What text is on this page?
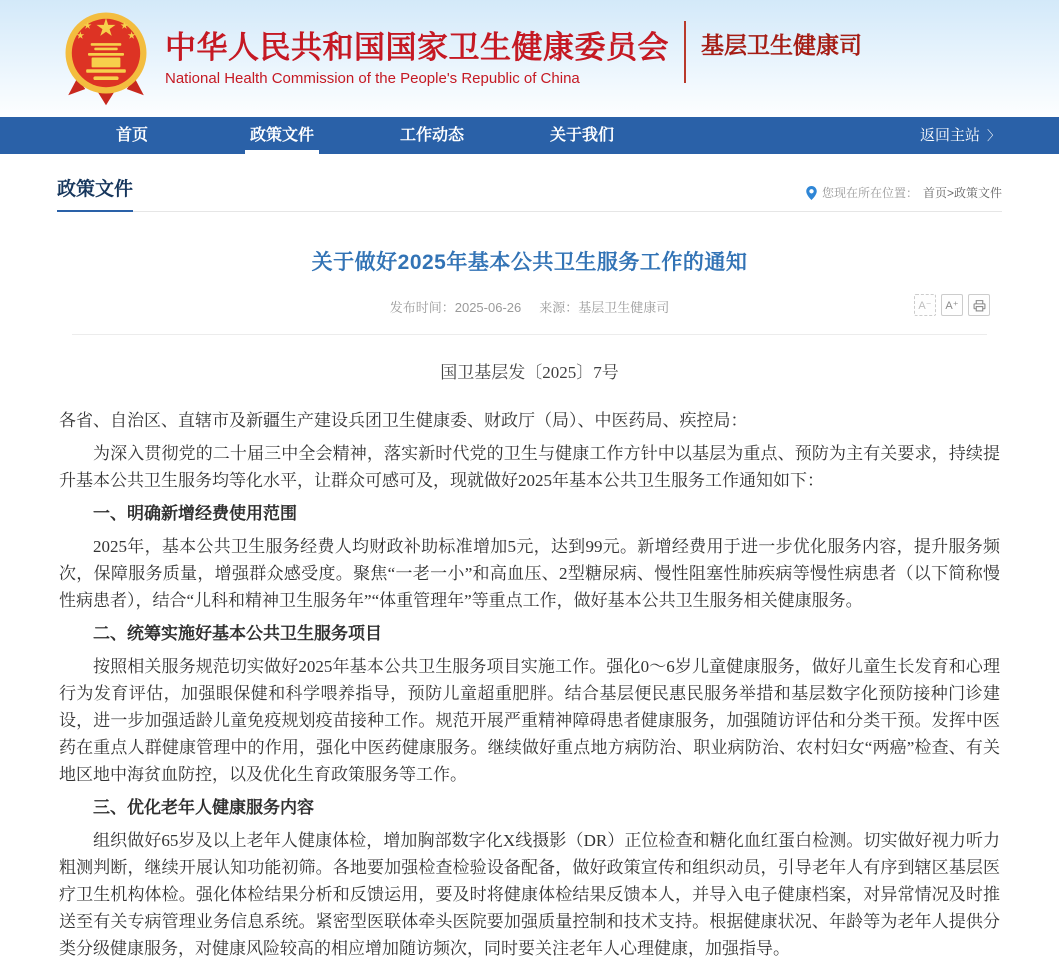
中华人民共和国国家卫生健康委员会
National Health Commission of the People's Republic of China
基层卫生健康司
首页	政策文件	工作动态	关于我们	返回主站 〉
政策文件	您现在所在位置： 首页>政策文件
关于做好2025年基本公共卫生服务工作的通知
发布时间：2025-06-26 来源：基层卫生健康司	A⁻	A⁺

国卫基层发〔2025〕7号

各省、自治区、直辖市及新疆生产建设兵团卫生健康委、财政厅（局）、中医药局、疾控局：

为深入贯彻党的二十届三中全会精神，落实新时代党的卫生与健康工作方针中以基层为重点、预防为主有关要求，持续提升基本公共卫生服务均等化水平，让群众可感可及，现就做好2025年基本公共卫生服务工作通知如下：

一、明确新增经费使用范围

2025年，基本公共卫生服务经费人均财政补助标准增加5元，达到99元。新增经费用于进一步优化服务内容，提升服务频次，保障服务质量，增强群众感受度。聚焦“一老一小”和高血压、2型糖尿病、慢性阻塞性肺疾病等慢性病患者（以下简称慢性病患者），结合“儿科和精神卫生服务年”“体重管理年”等重点工作，做好基本公共卫生服务相关健康服务。

二、统筹实施好基本公共卫生服务项目

按照相关服务规范切实做好2025年基本公共卫生服务项目实施工作。强化0～6岁儿童健康服务，做好儿童生长发育和心理行为发育评估，加强眼保健和科学喂养指导，预防儿童超重肥胖。结合基层便民惠民服务举措和基层数字化预防接种门诊建设，进一步加强适龄儿童免疫规划疫苗接种工作。规范开展严重精神障碍患者健康服务，加强随访评估和分类干预。发挥中医药在重点人群健康管理中的作用，强化中医药健康服务。继续做好重点地方病防治、职业病防治、农村妇女“两癌”检查、有关地区地中海贫血防控，以及优化生育政策服务等工作。

三、优化老年人健康服务内容

组织做好65岁及以上老年人健康体检，增加胸部数字化X线摄影（DR）正位检查和糖化血红蛋白检测。切实做好视力听力粗测判断，继续开展认知功能初筛。各地要加强检查检验设备配备，做好政策宣传和组织动员，引导老年人有序到辖区基层医疗卫生机构体检。强化体检结果分析和反馈运用，要及时将健康体检结果反馈本人，并导入电子健康档案，对异常情况及时推送至有关专病管理业务信息系统。紧密型医联体牵头医院要加强质量控制和技术支持。根据健康状况、年龄等为老年人提供分类分级健康服务，对健康风险较高的相应增加随访频次，同时要关注老年人心理健康，加强指导。
